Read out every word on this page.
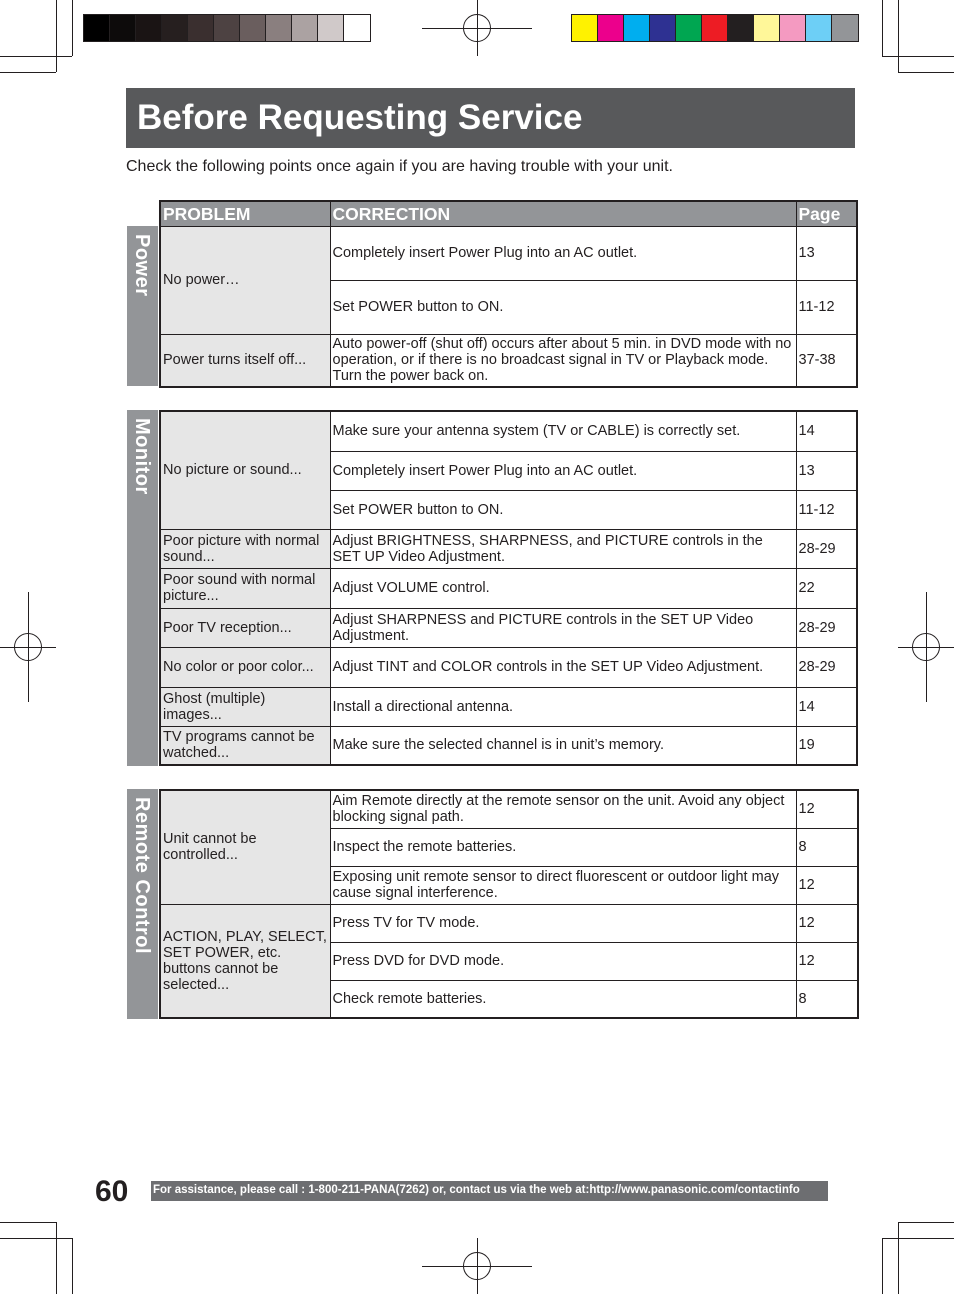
Before Requesting Service
Check the following points once again if you are having trouble with your unit.
Power
Monitor
Remote Control
PROBLEM	CORRECTION	Page
No power…	Completely insert Power Plug into an AC outlet.	13
	Set POWER button to ON.	11-12
Power turns itself off...	Auto power-off (shut off) occurs after about 5 min. in DVD mode with no operation, or if there is no broadcast signal in TV or Playback mode. Turn the power back on.	37-38
No picture or sound...	Make sure your antenna system (TV or CABLE) is correctly set.	14
	Completely insert Power Plug into an AC outlet.	13
	Set POWER button to ON.	11-12
Poor picture with normal sound...	Adjust BRIGHTNESS, SHARPNESS, and PICTURE controls in the SET UP Video Adjustment.	28-29
Poor sound with normal picture...	Adjust VOLUME control.	22
Poor TV reception...	Adjust SHARPNESS and PICTURE controls in the SET UP Video Adjustment.	28-29
No color or poor color...	Adjust TINT and COLOR controls in the SET UP Video Adjustment.	28-29
Ghost (multiple) images...	Install a directional antenna.	14
TV programs cannot be watched...	Make sure the selected channel is in unit’s memory.	19
Unit cannot be controlled...	Aim Remote directly at the remote sensor on the unit. Avoid any object blocking signal path.	12
	Inspect the remote batteries.	8
	Exposing unit remote sensor to direct fluorescent or outdoor light may cause signal interference.	12
ACTION, PLAY, SELECT, SET POWER, etc. buttons cannot be selected...	Press TV for TV mode.	12
	Press DVD for DVD mode.	12
	Check remote batteries.	8
60 For assistance, please call : 1-800-211-PANA(7262) or, contact us via the web at:http://www.panasonic.com/contactinfo
